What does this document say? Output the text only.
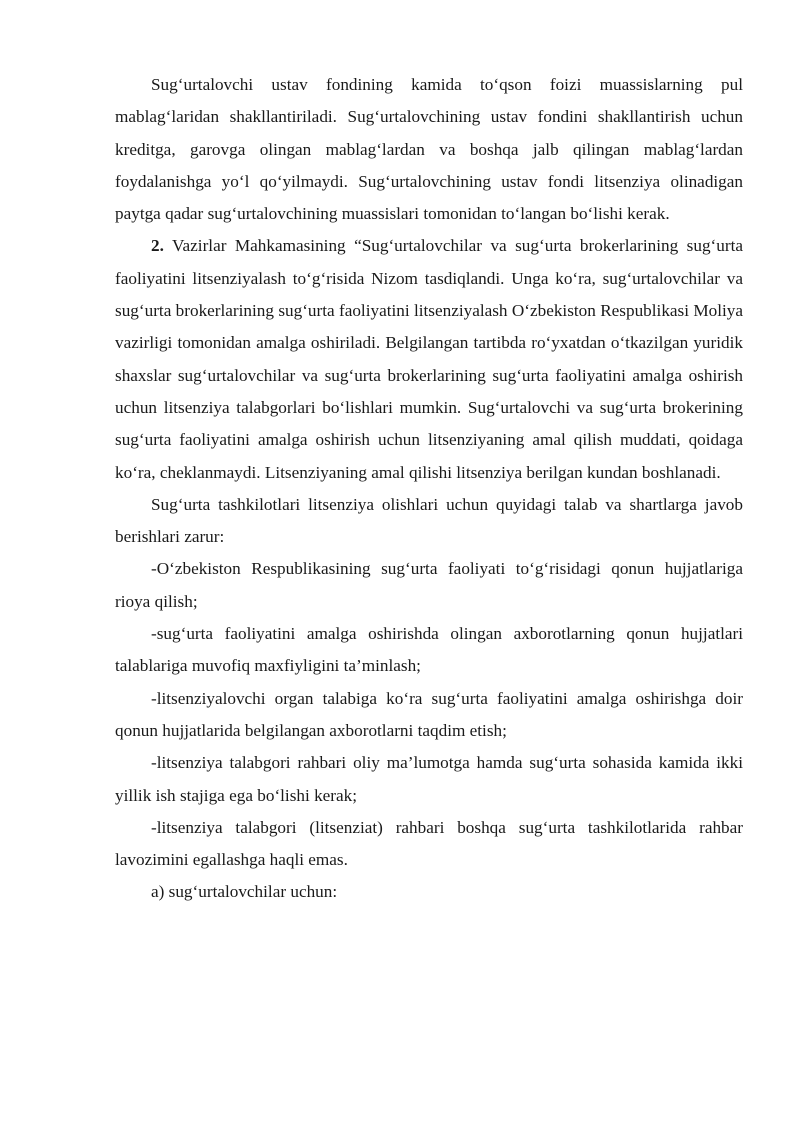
Sug‘urtalovchi ustav fondining kamida to‘qson foizi muassislarning pul mablag‘laridan shakllantiriladi. Sug‘urtalovchining ustav fondini shakllantirish uchun kreditga, garovga olingan mablag‘lardan va boshqa jalb qilingan mablag‘lardan foydalanishga yo‘l qo‘yilmaydi. Sug‘urtalovchining ustav fondi litsenziya olinadigan paytga qadar sug‘urtalovchining muassislari tomonidan to‘langan bo‘lishi kerak.

2. Vazirlar Mahkamasining “Sug‘urtalovchilar va sug‘urta brokerlarining sug‘urta faoliyatini litsenziyalash to‘g‘risida Nizom tasdiqlandi. Unga ko‘ra, sug‘urtalovchilar va sug‘urta brokerlarining sug‘urta faoliyatini litsenziyalash O‘zbekiston Respublikasi Moliya vazirligi tomonidan amalga oshiriladi. Belgilangan tartibda ro‘yxatdan o‘tkazilgan yuridik shaxslar sug‘urtalovchilar va sug‘urta brokerlarining sug‘urta faoliyatini amalga oshirish uchun litsenziya talabgorlari bo‘lishlari mumkin. Sug‘urtalovchi va sug‘urta brokerining sug‘urta faoliyatini amalga oshirish uchun litsenziyaning amal qilish muddati, qoidaga ko‘ra, cheklanmaydi. Litsenziyaning amal qilishi litsenziya berilgan kundan boshlanadi.

Sug‘urta tashkilotlari litsenziya olishlari uchun quyidagi talab va shartlarga javob berishlari zarur:

-O‘zbekiston Respublikasining sug‘urta faoliyati to‘g‘risidagi qonun hujjatlariga rioya qilish;

-sug‘urta faoliyatini amalga oshirishda olingan axborotlarning qonun hujjatlari talablariga muvofiq maxfiyligini ta’minlash;

-litsenziyalovchi organ talabiga ko‘ra sug‘urta faoliyatini amalga oshirishga doir qonun hujjatlarida belgilangan axborotlarni taqdim etish;

-litsenziya talabgori rahbari oliy ma’lumotga hamda sug‘urta sohasida kamida ikki yillik ish stajiga ega bo‘lishi kerak;

-litsenziya talabgori (litsenziat) rahbari boshqa sug‘urta tashkilotlarida rahbar lavozimini egallashga haqli emas.

a) sug‘urtalovchilar uchun:
